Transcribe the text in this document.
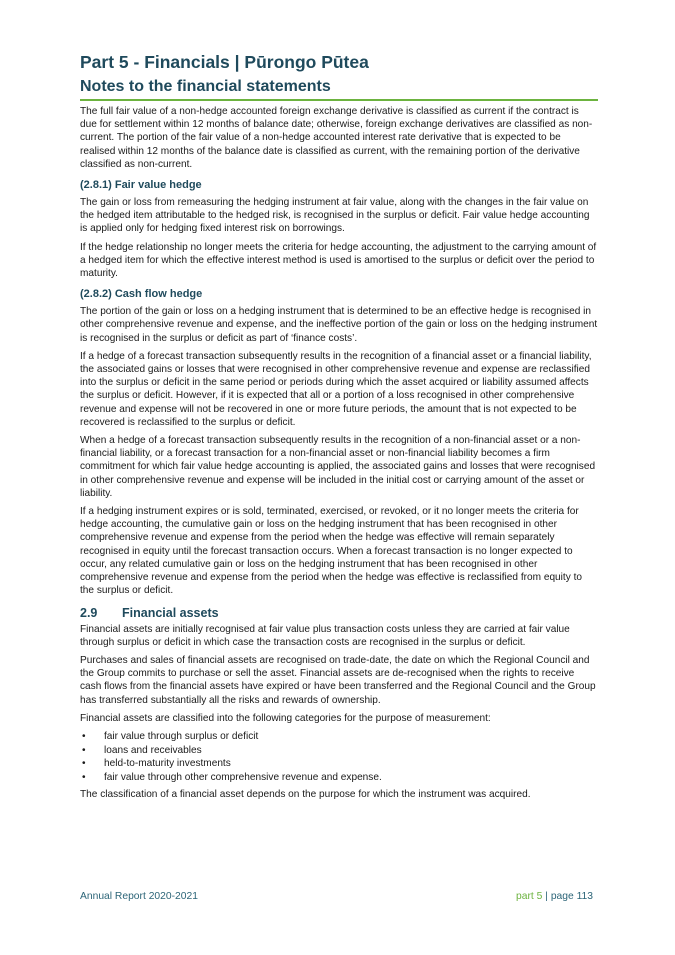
Part 5 - Financials | Pūrongo Pūtea
Notes to the financial statements

The full fair value of a non-hedge accounted foreign exchange derivative is classified as current if the contract is due for settlement within 12 months of balance date; otherwise, foreign exchange derivatives are classified as non-current. The portion of the fair value of a non-hedge accounted interest rate derivative that is expected to be realised within 12 months of the balance date is classified as current, with the remaining portion of the derivative classified as non-current.

(2.8.1) Fair value hedge

The gain or loss from remeasuring the hedging instrument at fair value, along with the changes in the fair value on the hedged item attributable to the hedged risk, is recognised in the surplus or deficit. Fair value hedge accounting is applied only for hedging fixed interest risk on borrowings.

If the hedge relationship no longer meets the criteria for hedge accounting, the adjustment to the carrying amount of a hedged item for which the effective interest method is used is amortised to the surplus or deficit over the period to maturity.

(2.8.2) Cash flow hedge

The portion of the gain or loss on a hedging instrument that is determined to be an effective hedge is recognised in other comprehensive revenue and expense, and the ineffective portion of the gain or loss on the hedging instrument is recognised in the surplus or deficit as part of ‘finance costs’.

If a hedge of a forecast transaction subsequently results in the recognition of a financial asset or a financial liability, the associated gains or losses that were recognised in other comprehensive revenue and expense are reclassified into the surplus or deficit in the same period or periods during which the asset acquired or liability assumed affects the surplus or deficit. However, if it is expected that all or a portion of a loss recognised in other comprehensive revenue and expense will not be recovered in one or more future periods, the amount that is not expected to be recovered is reclassified to the surplus or deficit.

When a hedge of a forecast transaction subsequently results in the recognition of a non-financial asset or a non-financial liability, or a forecast transaction for a non-financial asset or non-financial liability becomes a firm commitment for which fair value hedge accounting is applied, the associated gains and losses that were recognised in other comprehensive revenue and expense will be included in the initial cost or carrying amount of the asset or liability.

If a hedging instrument expires or is sold, terminated, exercised, or revoked, or it no longer meets the criteria for hedge accounting, the cumulative gain or loss on the hedging instrument that has been recognised in other comprehensive revenue and expense from the period when the hedge was effective will remain separately recognised in equity until the forecast transaction occurs. When a forecast transaction is no longer expected to occur, any related cumulative gain or loss on the hedging instrument that has been recognised in other comprehensive revenue and expense from the period when the hedge was effective is reclassified from equity to the surplus or deficit.

2.9 Financial assets

Financial assets are initially recognised at fair value plus transaction costs unless they are carried at fair value through surplus or deficit in which case the transaction costs are recognised in the surplus or deficit.

Purchases and sales of financial assets are recognised on trade-date, the date on which the Regional Council and the Group commits to purchase or sell the asset. Financial assets are de-recognised when the rights to receive cash flows from the financial assets have expired or have been transferred and the Regional Council and the Group has transferred substantially all the risks and rewards of ownership.

Financial assets are classified into the following categories for the purpose of measurement:

• fair value through surplus or deficit
• loans and receivables
• held-to-maturity investments
• fair value through other comprehensive revenue and expense.

The classification of a financial asset depends on the purpose for which the instrument was acquired.

Annual Report 2020-2021	part 5 | page 113
